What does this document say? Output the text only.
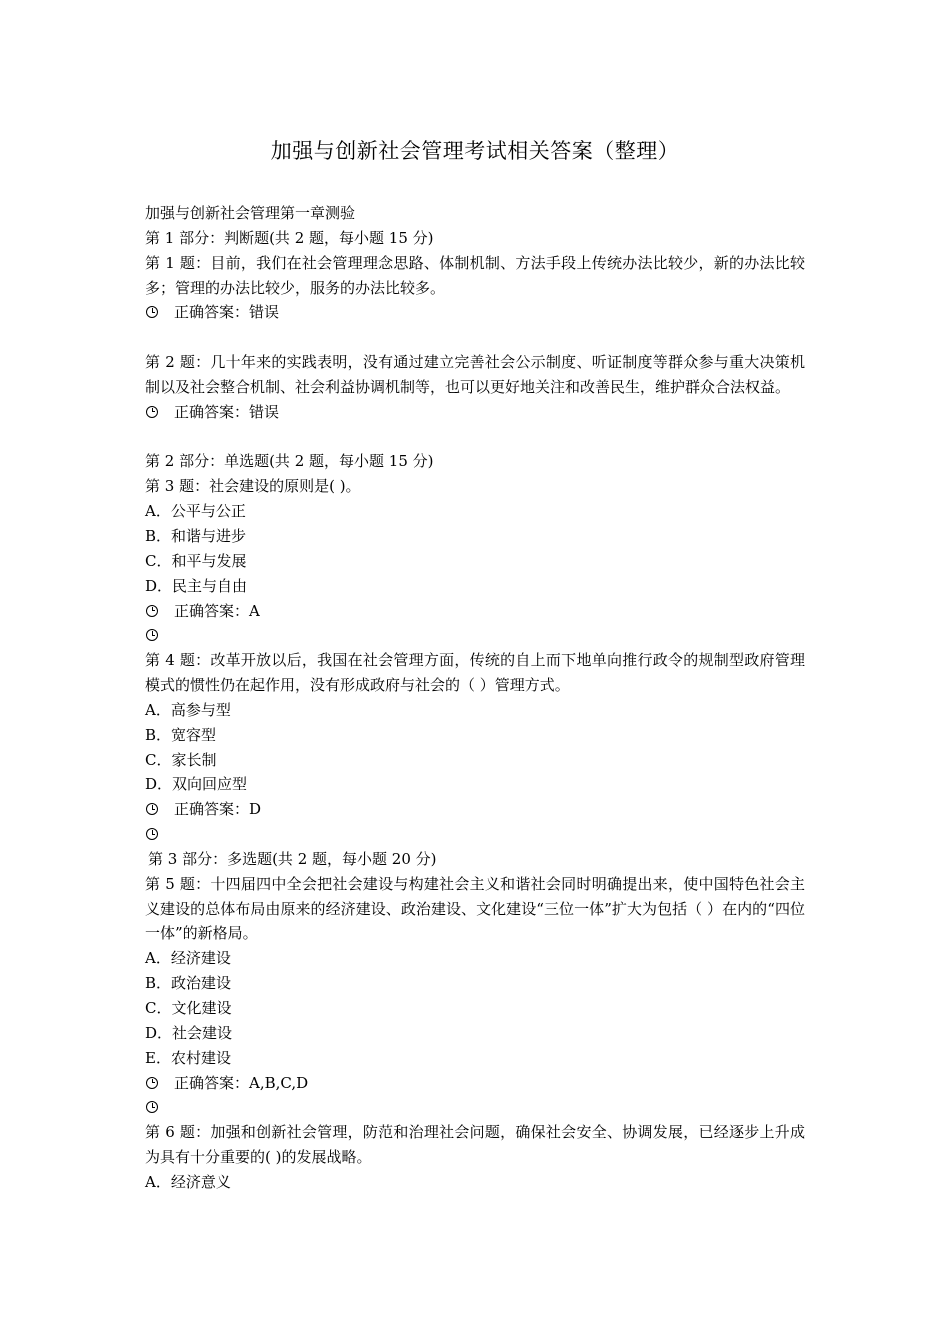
加强与创新社会管理考试相关答案（整理）
加强与创新社会管理第一章测验
第 1 部分：判断题(共 2 题，每小题 15 分)
第 1 题：目前，我们在社会管理理念思路、体制机制、方法手段上传统办法比较少，新的办法比较多；管理的办法比较少，服务的办法比较多。
正确答案：错误
第 2 题：几十年来的实践表明，没有通过建立完善社会公示制度、听证制度等群众参与重大决策机制以及社会整合机制、社会利益协调机制等，也可以更好地关注和改善民生，维护群众合法权益。
正确答案：错误
第 2 部分：单选题(共 2 题，每小题 15 分)
第 3 题：社会建设的原则是( )。
A．公平与公正
B．和谐与进步
C．和平与发展
D．民主与自由
正确答案：A
第 4 题：改革开放以后，我国在社会管理方面，传统的自上而下地单向推行政令的规制型政府管理模式的惯性仍在起作用，没有形成政府与社会的（ ）管理方式。
A．高参与型
B．宽容型
C．家长制
D．双向回应型
正确答案：D
第 3 部分：多选题(共 2 题，每小题 20 分)
第 5 题：十四届四中全会把社会建设与构建社会主义和谐社会同时明确提出来，使中国特色社会主义建设的总体布局由原来的经济建设、政治建设、文化建设“三位一体”扩大为包括（ ）在内的“四位一体”的新格局。
A．经济建设
B．政治建设
C．文化建设
D．社会建设
E．农村建设
正确答案：A,B,C,D
第 6 题：加强和创新社会管理，防范和治理社会问题，确保社会安全、协调发展，已经逐步上升成为具有十分重要的( )的发展战略。
A．经济意义
